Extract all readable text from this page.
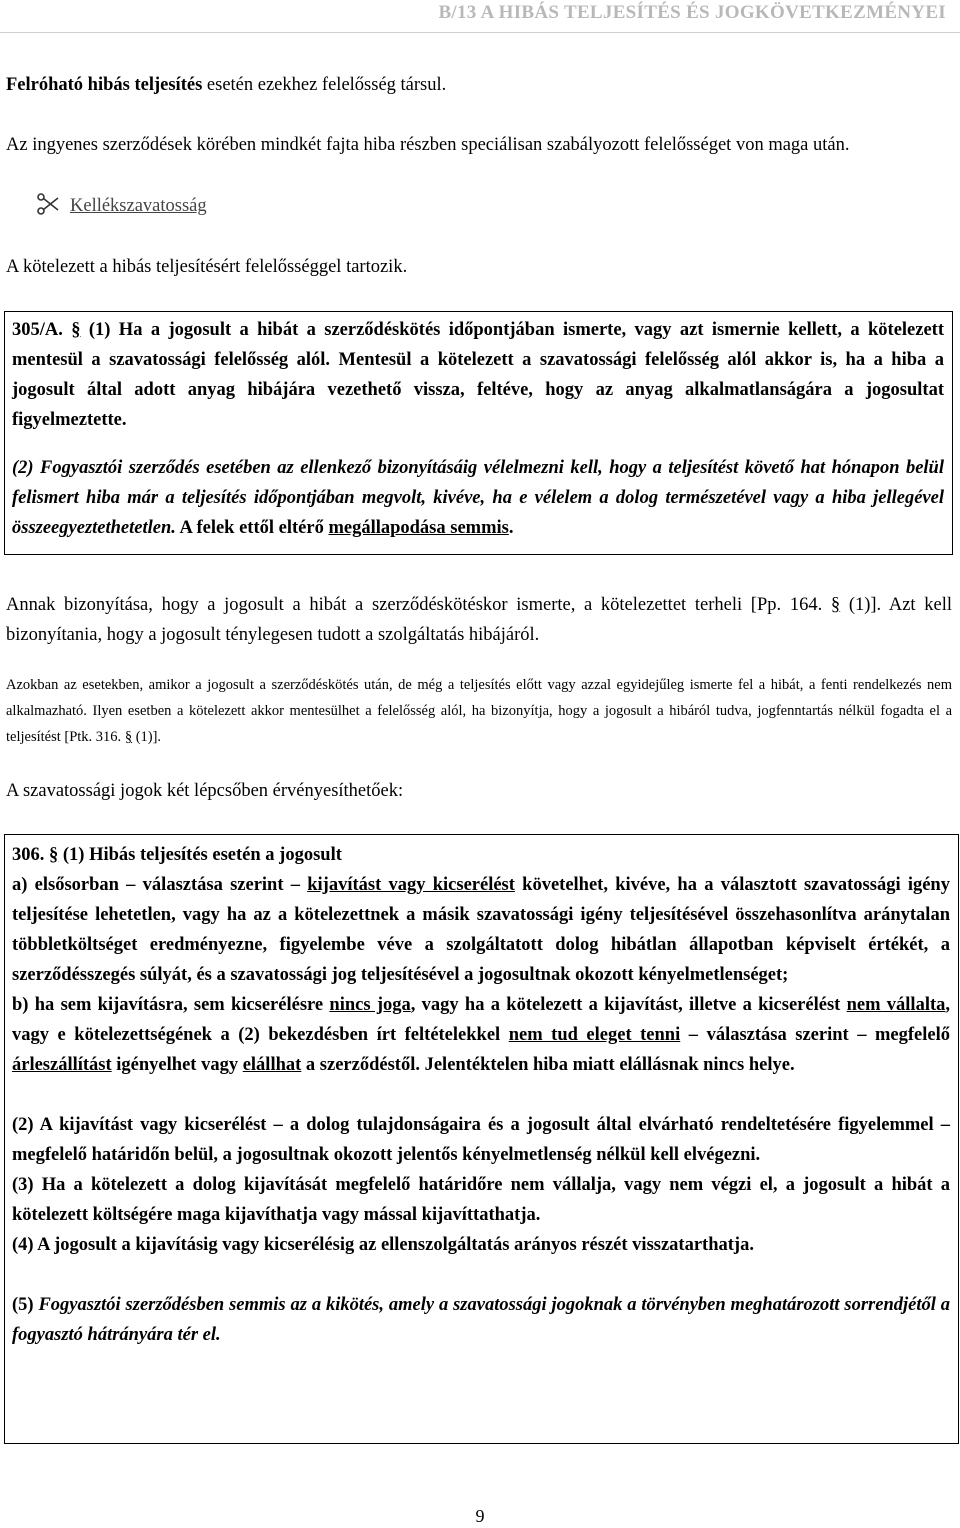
B/13 A HIBÁS TELJESÍTÉS ÉS JOGKÖVETKEZMÉNYEI

Felróható hibás teljesítés esetén ezekhez felelősség társul.

Az ingyenes szerződések körében mindkét fajta hiba részben speciálisan szabályozott felelősséget von maga után.

Kellékszavatosság

A kötelezett a hibás teljesítésért felelősséggel tartozik.

305/A. § (1) Ha a jogosult a hibát a szerződéskötés időpontjában ismerte, vagy azt ismernie kellett, a kötelezett mentesül a szavatossági felelősség alól. Mentesül a kötelezett a szavatossági felelősség alól akkor is, ha a hiba a jogosult által adott anyag hibájára vezethető vissza, feltéve, hogy az anyag alkalmatlanságára a jogosultat figyelmeztette.

(2) Fogyasztói szerződés esetében az ellenkező bizonyításáig vélelmezni kell, hogy a teljesítést követő hat hónapon belül felismert hiba már a teljesítés időpontjában megvolt, kivéve, ha e vélelem a dolog természetével vagy a hiba jellegével összeegyeztethetetlen. A felek ettől eltérő megállapodása semmis.

Annak bizonyítása, hogy a jogosult a hibát a szerződéskötéskor ismerte, a kötelezettet terheli [Pp. 164. § (1)]. Azt kell bizonyítania, hogy a jogosult ténylegesen tudott a szolgáltatás hibájáról.

Azokban az esetekben, amikor a jogosult a szerződéskötés után, de még a teljesítés előtt vagy azzal egyidejűleg ismerte fel a hibát, a fenti rendelkezés nem alkalmazható. Ilyen esetben a kötelezett akkor mentesülhet a felelősség alól, ha bizonyítja, hogy a jogosult a hibáról tudva, jogfenntartás nélkül fogadta el a teljesítést [Ptk. 316. § (1)].

A szavatossági jogok két lépcsőben érvényesíthetőek:

306. § (1) Hibás teljesítés esetén a jogosult

a) elsősorban – választása szerint – kijavítást vagy kicserélést követelhet, kivéve, ha a választott szavatossági igény teljesítése lehetetlen, vagy ha az a kötelezettnek a másik szavatossági igény teljesítésével összehasonlítva aránytalan többletköltséget eredményezne, figyelembe véve a szolgáltatott dolog hibátlan állapotban képviselt értékét, a szerződésszegés súlyát, és a szavatossági jog teljesítésével a jogosultnak okozott kényelmetlenséget;

b) ha sem kijavításra, sem kicserélésre nincs joga, vagy ha a kötelezett a kijavítást, illetve a kicserélést nem vállalta, vagy e kötelezettségének a (2) bekezdésben írt feltételekkel nem tud eleget tenni – választása szerint – megfelelő árleszállítást igényelhet vagy elállhat a szerződéstől. Jelentéktelen hiba miatt elállásnak nincs helye.

(2) A kijavítást vagy kicserélést – a dolog tulajdonságaira és a jogosult által elvárható rendeltetésére figyelemmel – megfelelő határidőn belül, a jogosultnak okozott jelentős kényelmetlenség nélkül kell elvégezni.

(3) Ha a kötelezett a dolog kijavítását megfelelő határidőre nem vállalja, vagy nem végzi el, a jogosult a hibát a kötelezett költségére maga kijavíthatja vagy mással kijavíttathatja.

(4) A jogosult a kijavításig vagy kicserélésig az ellenszolgáltatás arányos részét visszatarthatja.

(5) Fogyasztói szerződésben semmis az a kikötés, amely a szavatossági jogoknak a törvényben meghatározott sorrendjétől a fogyasztó hátrányára tér el.

9
